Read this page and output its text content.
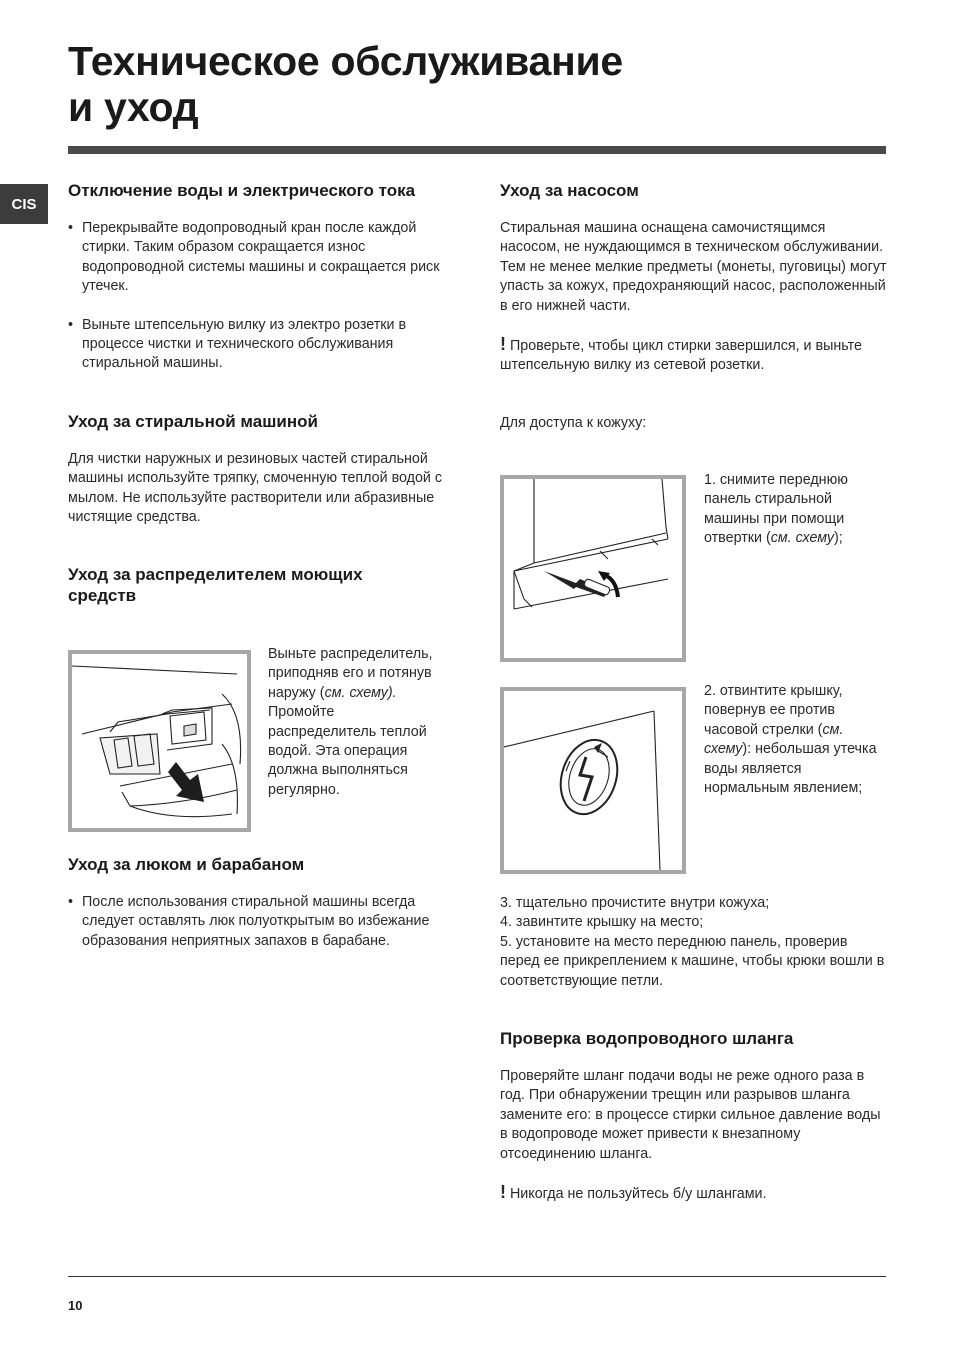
Техническое обслуживание
и уход
CIS
Отключение воды и электрического тока
• Перекрывайте водопроводный кран после каждой стирки. Таким образом сокращается износ водопроводной системы машины и сокращается риск утечек.
• Выньте штепсельную вилку из электро розетки в процессе чистки и технического обслуживания стиральной машины.
Уход за стиральной машиной

Для чистки наружных и резиновых частей стиральной машины используйте тряпку, смоченную теплой водой с мылом. Не используйте растворители или абразивные чистящие средства.

Уход за распределителем моющих средств
Выньте распределитель, приподняв его и потянув наружу (см. схему). Промойте распределитель теплой водой. Эта операция должна выполняться регулярно.
Уход за люком и барабаном
• После использования стиральной машины всегда следует оставлять люк полуоткрытым во избежание образования неприятных запахов в барабане.
Уход за насосом

Стиральная машина оснащена самочистящимся насосом, не нуждающимся в техническом обслуживании. Тем не менее мелкие предметы (монеты, пуговицы) могут упасть за кожух, предохраняющий насос, расположенный в его нижней части.

! Проверьте, чтобы цикл стирки завершился, и выньте штепсельную вилку из сетевой розетки.

Для доступа к кожуху:

1. снимите переднюю панель стиральной машины при помощи отвертки (см. схему);
2. отвинтите крышку, повернув ее против часовой стрелки (см. схему): небольшая утечка воды является нормальным явлением;

3. тщательно прочистите внутри кожуха;

4. завинтите крышку на место;

5. установите на место переднюю панель, проверив перед ее прикреплением к машине, чтобы крюки вошли в соответствующие петли.

Проверка водопроводного шланга

Проверяйте шланг подачи воды не реже одного раза в год. При обнаружении трещин или разрывов шланга замените его: в процессе стирки сильное давление воды в водопроводе может привести к внезапному отсоединению шланга.

! Никогда не пользуйтесь б/у шлангами.

10
